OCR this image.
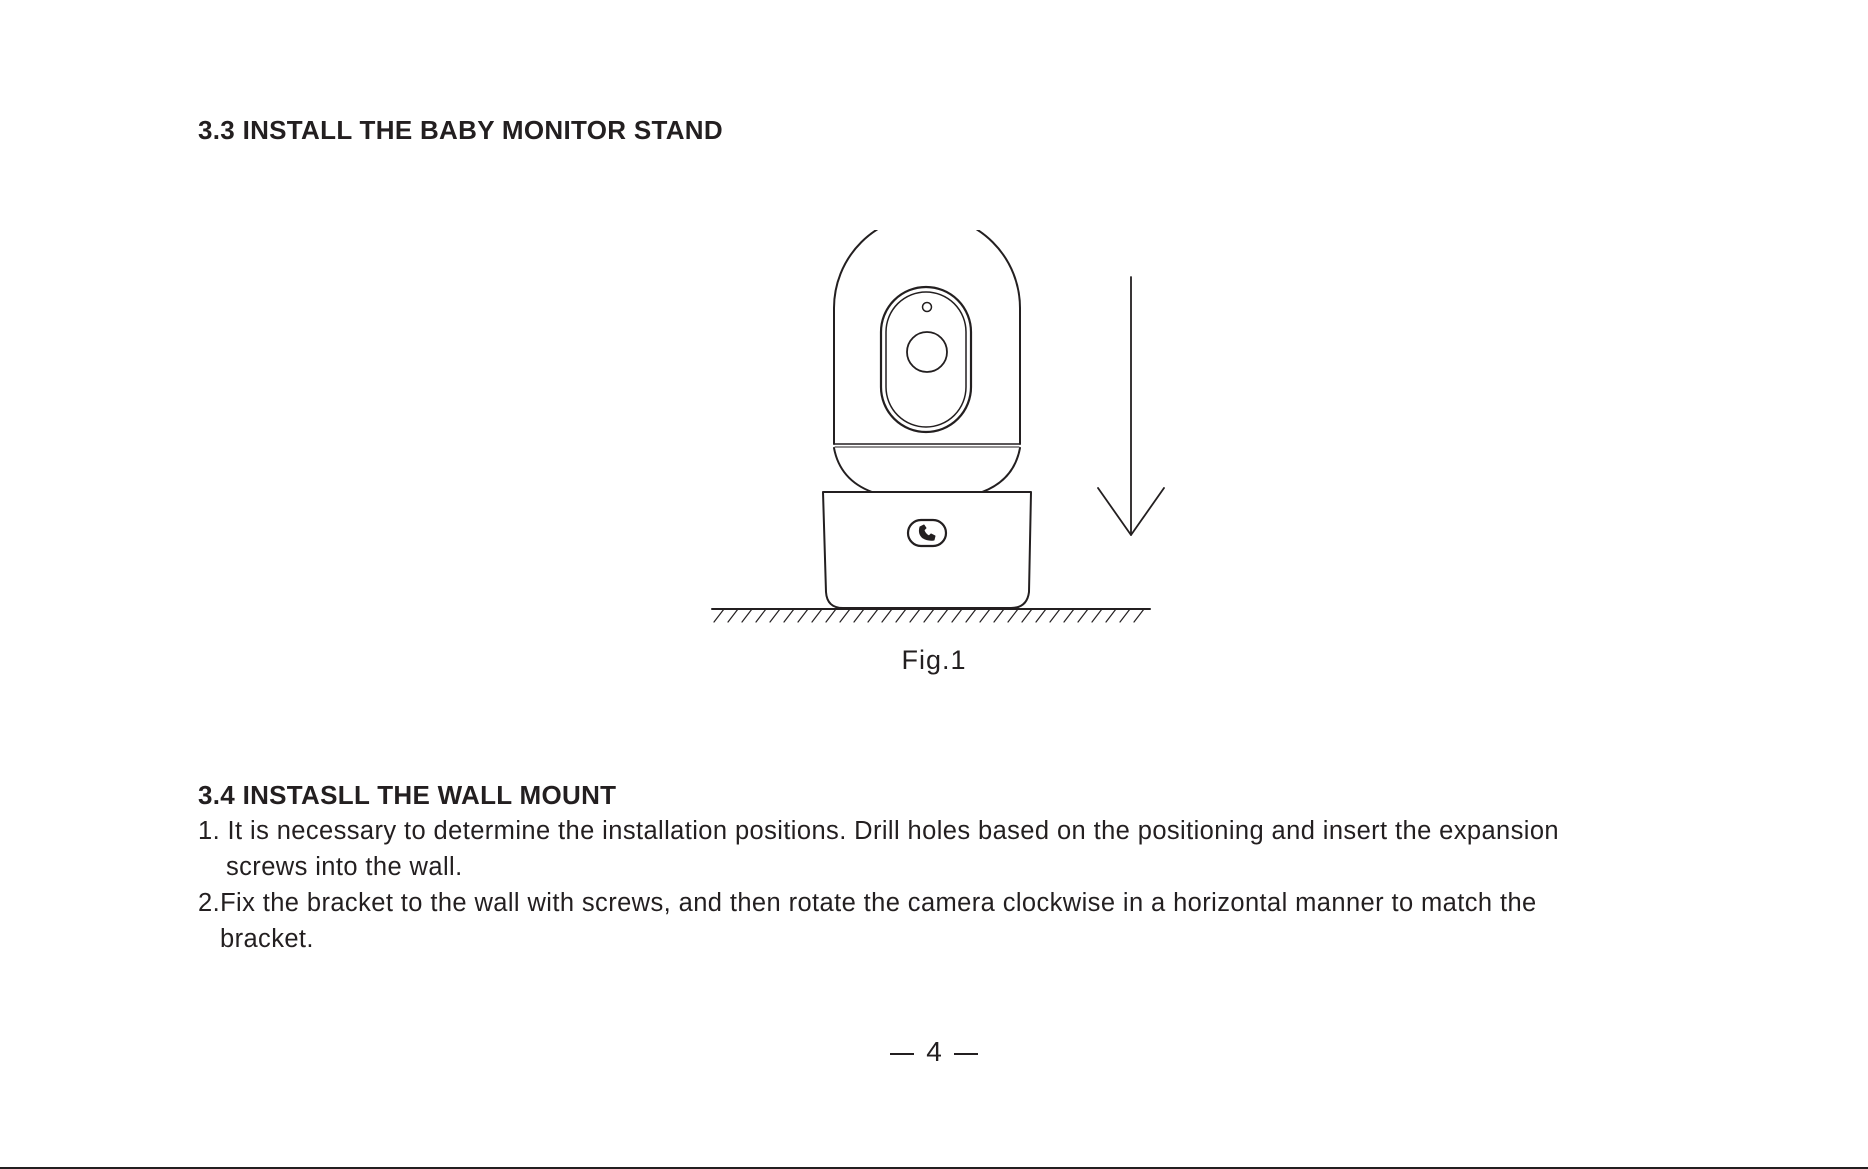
3.3 INSTALL THE BABY MONITOR STAND
Fig.1
3.4 INSTASLL THE WALL MOUNT

1. It is necessary to determine the installation positions. Drill holes based on the positioning and insert the expansion
screws into the wall.

2.Fix the bracket to the wall with screws, and then rotate the camera clockwise in a horizontal manner to match the
bracket.

4
